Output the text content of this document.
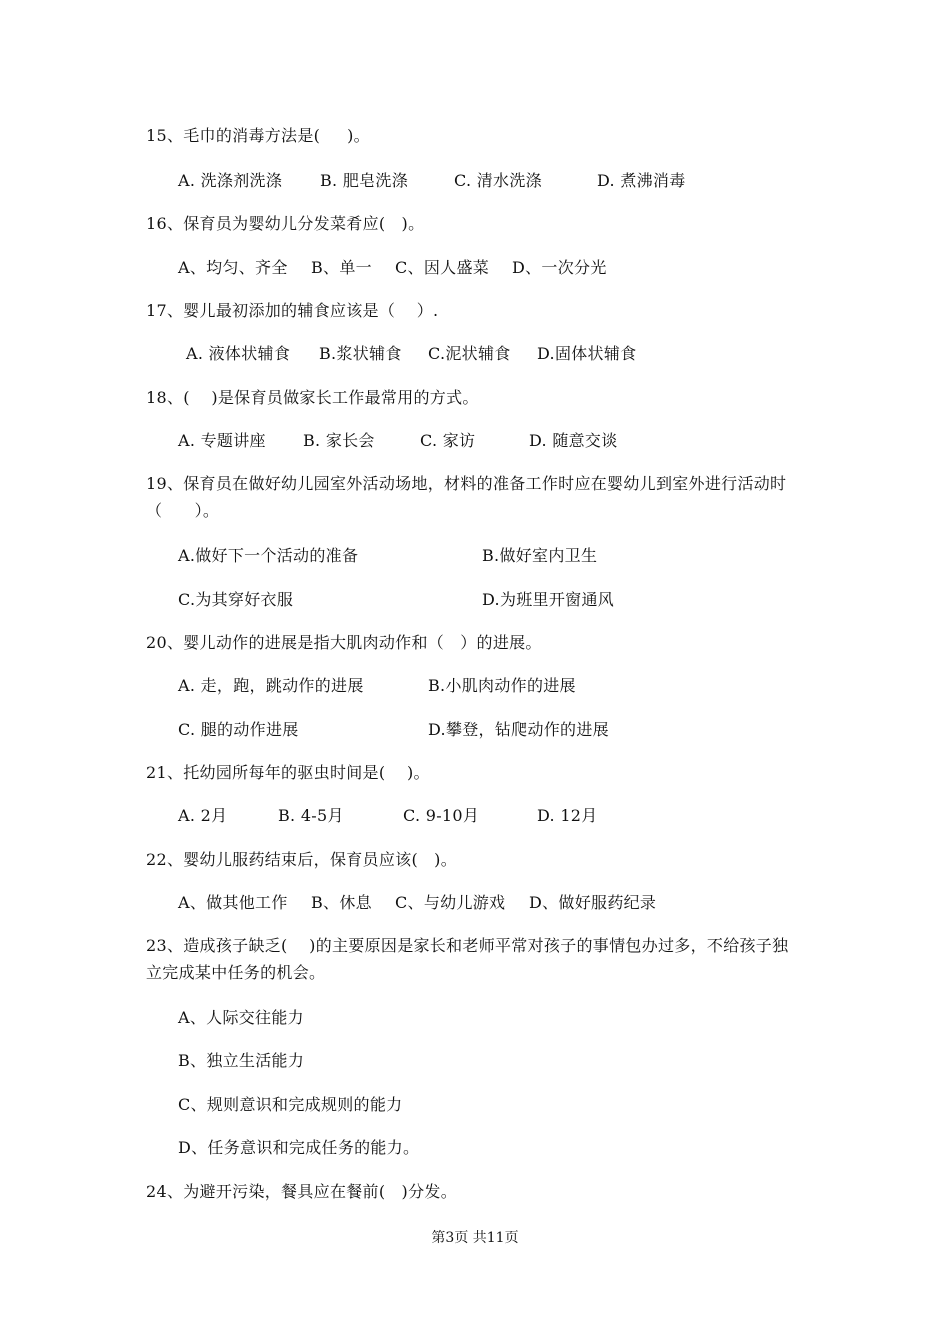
15、毛巾的消毒方法是(     )。
A. 洗涤剂洗涤 B. 肥皂洗涤	C. 清水洗涤	D. 煮沸消毒
16、保育员为婴幼儿分发菜肴应(   )。
A、均匀、齐全 B、单一 C、因人盛菜 D、一次分光
17、婴儿最初添加的辅食应该是（    ）.
A. 液体状辅食 B.浆状辅食 C.泥状辅食 D.固体状辅食
18、(    )是保育员做家长工作最常用的方式。
A. 专题讲座 B. 家长会	C. 家访	D. 随意交谈
19、保育员在做好幼儿园室外活动场地，材料的准备工作时应在婴幼儿到室外进行活动时
（      ）。
A.做好下一个活动的准备	B.做好室内卫生
C.为其穿好衣服	D.为班里开窗通风
20、婴儿动作的进展是指大肌肉动作和（   ）的进展。
A. 走，跑，跳动作的进展	B.小肌肉动作的进展
C. 腿的动作进展	D.攀登，钻爬动作的进展
21、托幼园所每年的驱虫时间是(    )。
A. 2月	B. 4-5月	C. 9-10月	D. 12月
22、婴幼儿服药结束后，保育员应该(   )。
A、做其他工作 B、休息 C、与幼儿游戏 D、做好服药纪录
23、造成孩子缺乏(    )的主要原因是家长和老师平常对孩子的事情包办过多，不给孩子独
立完成某中任务的机会。
A、人际交往能力
B、独立生活能力
C、规则意识和完成规则的能力
D、任务意识和完成任务的能力。
24、为避开污染，餐具应在餐前(   )分发。
第3页 共11页
